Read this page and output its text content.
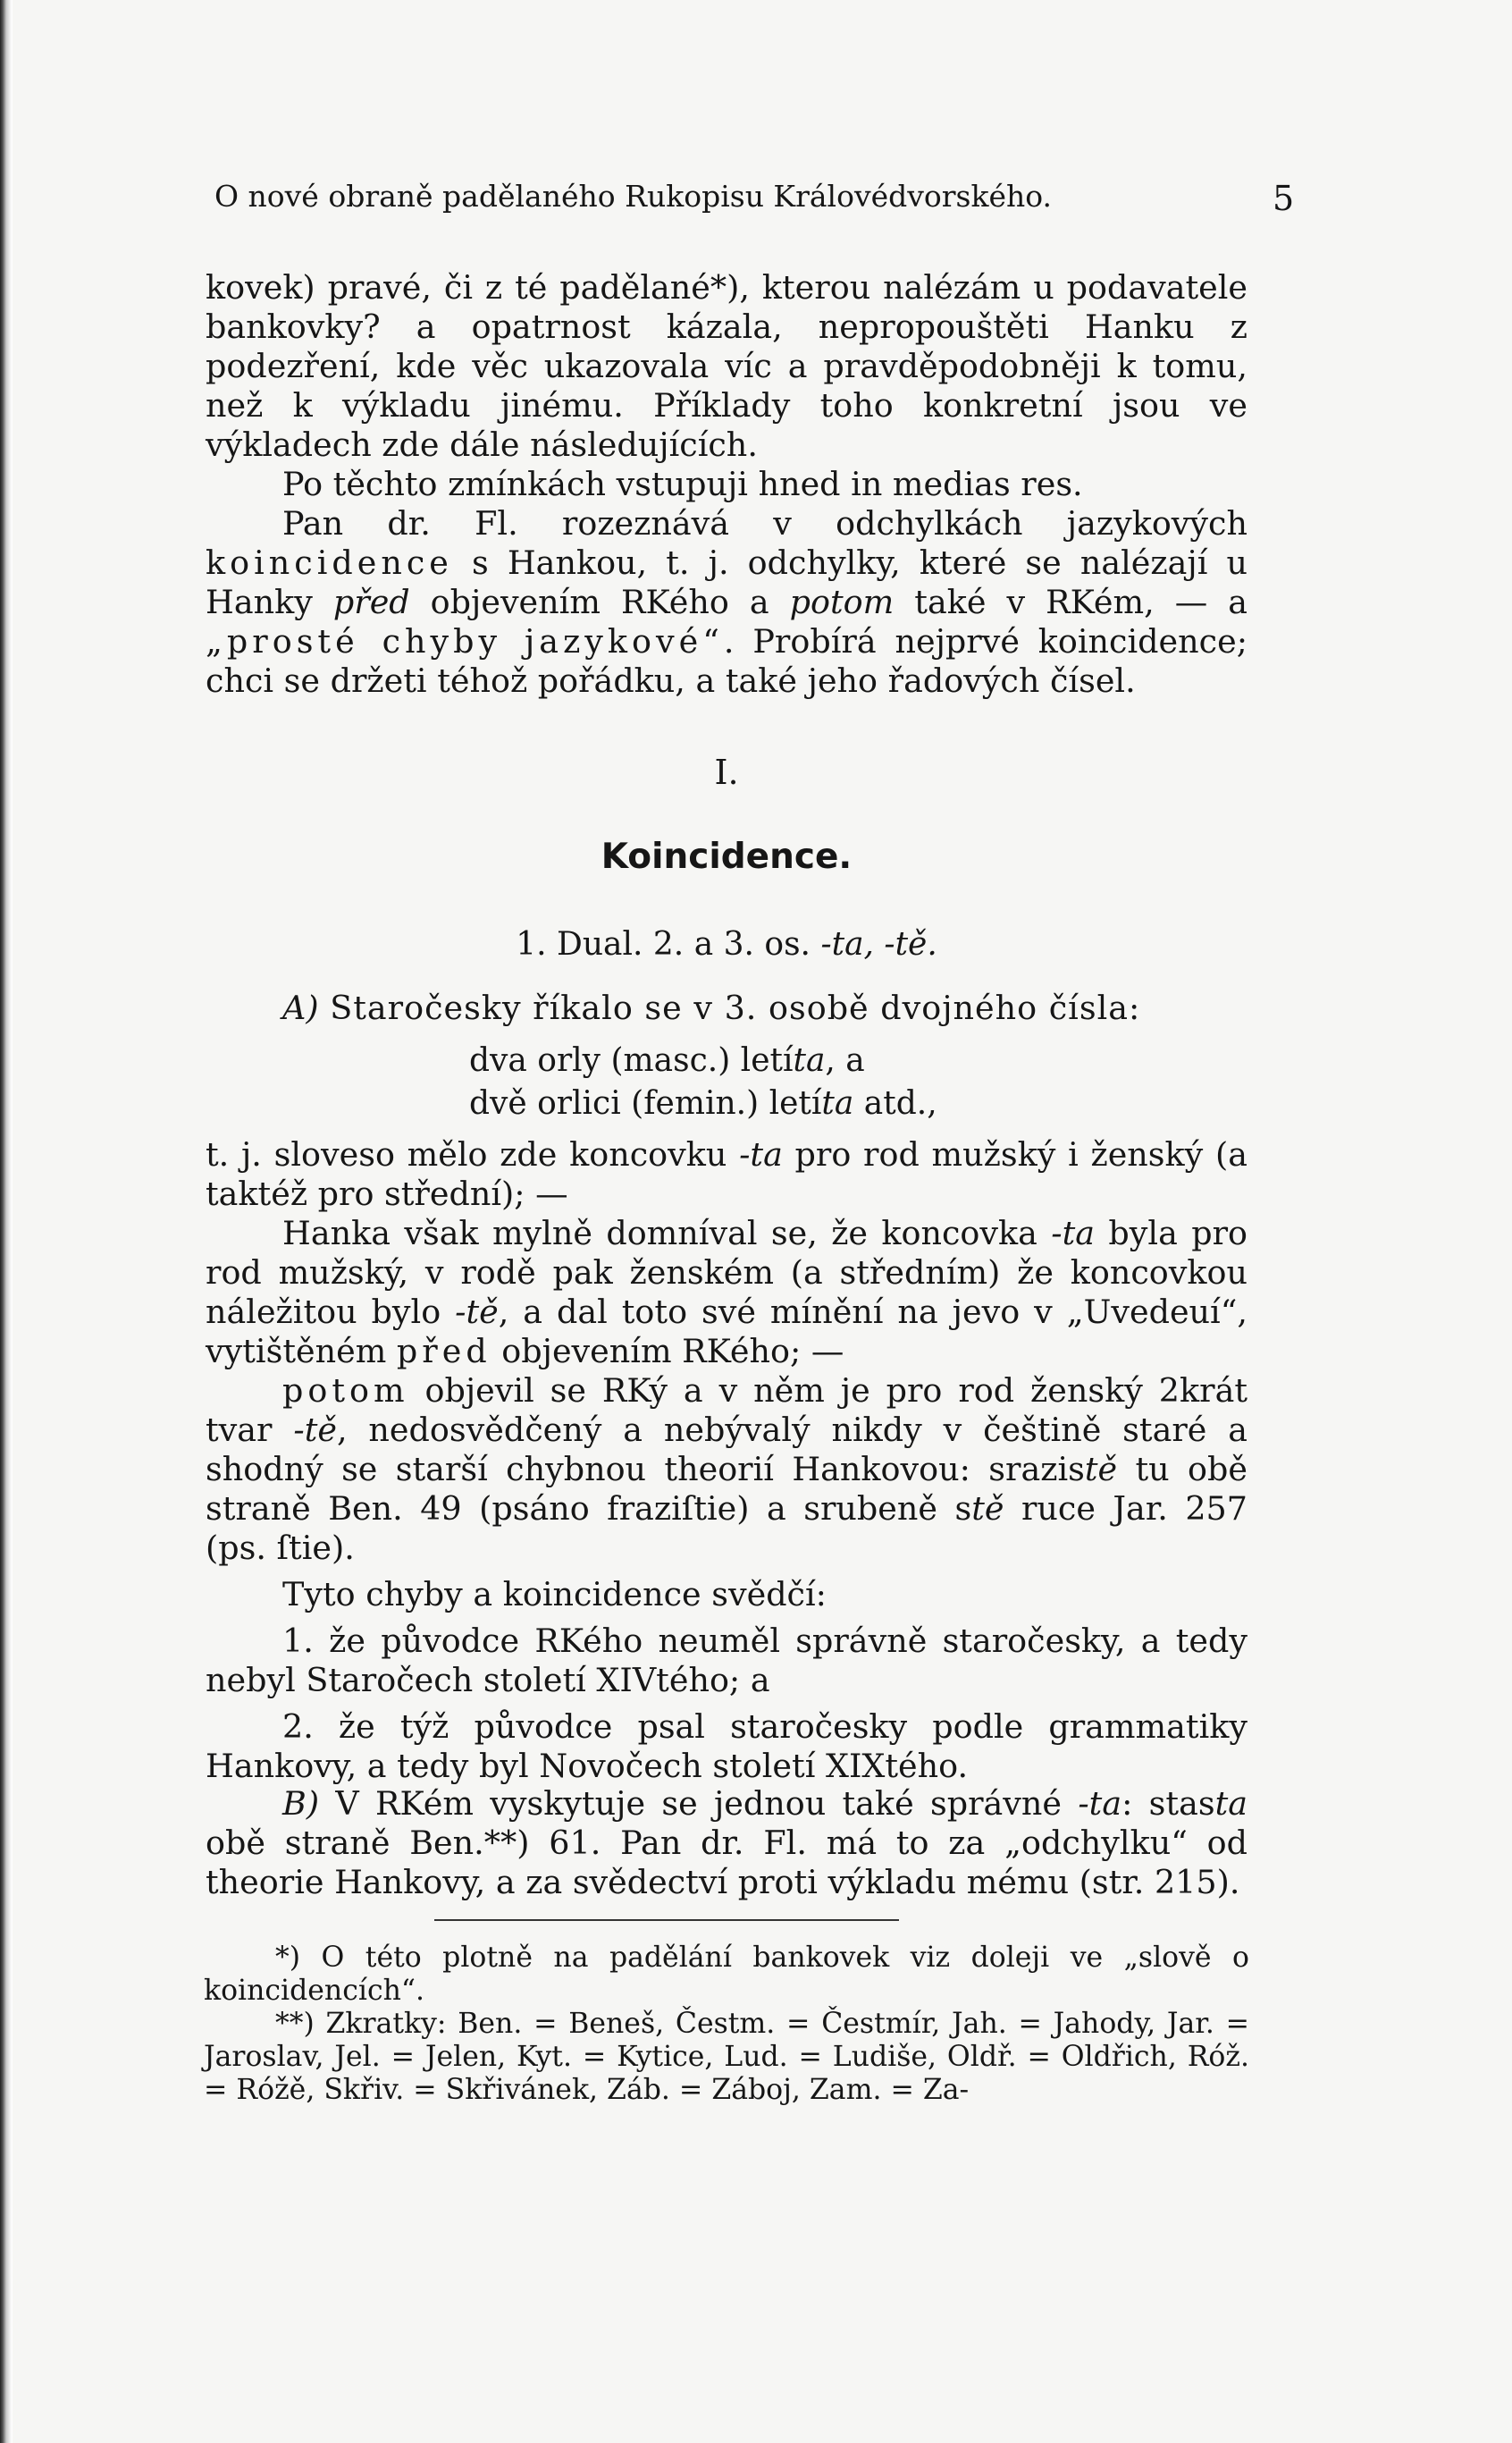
O nové obraně padělaného Rukopisu Královédvorského.	5

kovek) pravé, či z té padělané*), kterou nalézám u podavatele bankovky? a opatrnost kázala, nepropouštěti Hanku z podezření, kde věc ukazovala víc a pravděpodobněji k tomu, než k výkladu jinému. Příklady toho konkretní jsou ve výkladech zde dále následujících.

Po těchto zmínkách vstupuji hned in medias res.

Pan dr. Fl. rozeznává v odchylkách jazykových koincidence s Hankou, t. j. odchylky, které se nalézají u Hanky před objevením RKého a potom také v RKém, — a „prosté chyby jazykové“. Probírá nejprvé koincidence; chci se držeti téhož pořádku, a také jeho řadových čísel.

I.
Koincidence.
1. Dual. 2. a 3. os. -ta, -tě.

A) Staročesky říkalo se v 3. osobě dvojného čísla:

dva orly (masc.) letíta, a
dvě orlici (femin.) letíta atd.,

t. j. sloveso mělo zde koncovku -ta pro rod mužský i ženský (a taktéž pro střední); —

Hanka však mylně domníval se, že koncovka -ta byla pro rod mužský, v rodě pak ženském (a středním) že koncovkou náležitou bylo -tě, a dal toto své mínění na jevo v „Uvedeuí“, vytištěném před objevením RKého; —

potom objevil se RKý a v něm je pro rod ženský 2krát tvar -tě, nedosvědčený a nebývalý nikdy v češtině staré a shodný se starší chybnou theorií Hankovou: srazistě tu obě straně Ben. 49 (psáno fraziſtie) a srubeně stě ruce Jar. 257 (ps. ſtie).

Tyto chyby a koincidence svědčí:

1. že původce RKého neuměl správně staročesky, a tedy nebyl Staročech století XIVtého; a

2. že týž původce psal staročesky podle grammatiky Hankovy, a tedy byl Novočech století XIXtého.

B) V RKém vyskytuje se jednou také správné -ta: stasta obě straně Ben.**) 61. Pan dr. Fl. má to za „odchylku“ od theorie Hankovy, a za svědectví proti výkladu mému (str. 215).

*) O této plotně na padělání bankovek viz doleji ve „slově o koincidencích“.

**) Zkratky: Ben. = Beneš, Čestm. = Čestmír, Jah. = Jahody, Jar. = Jaroslav, Jel. = Jelen, Kyt. = Kytice, Lud. = Ludiše, Oldř. = Oldřich, Róž. = Róžě, Skřiv. = Skřivánek, Záb. = Záboj, Zam. = Za-
